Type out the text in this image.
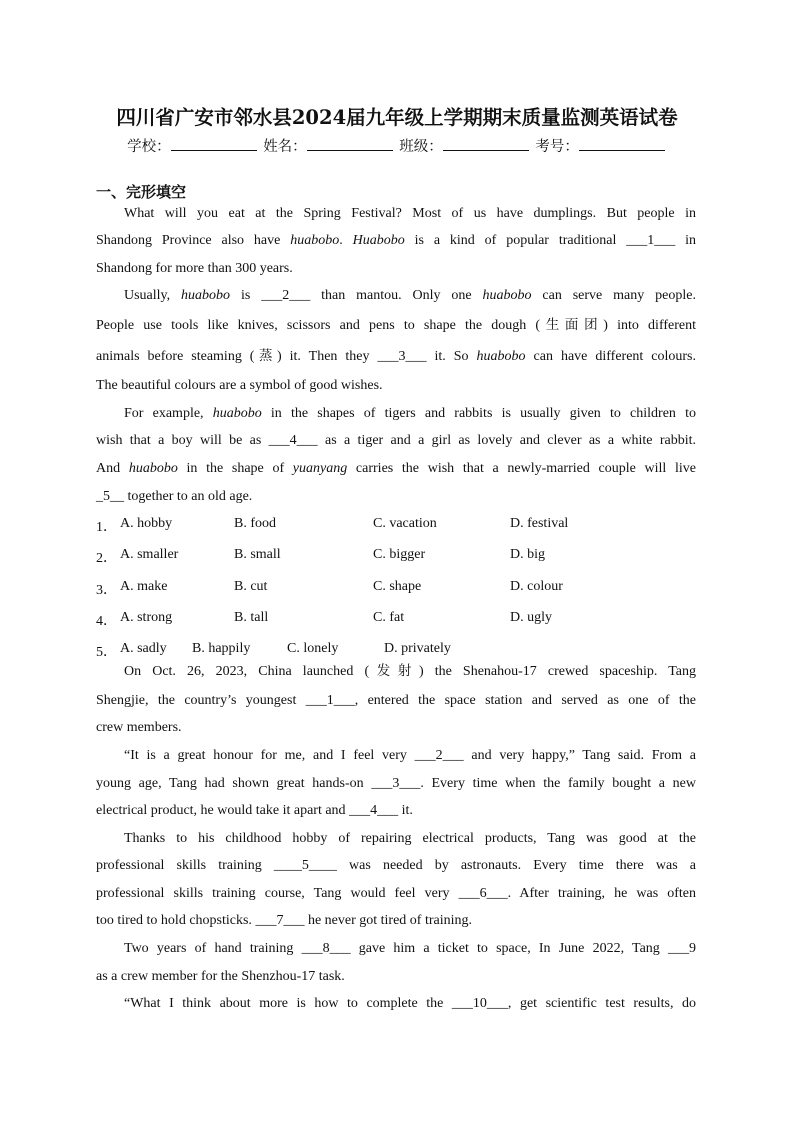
四川省广安市邻水县2024届九年级上学期期末质量监测英语试卷
学校：	姓名：	班级：	考号：
一、完形填空
What will you eat at the Spring Festival? Most of us have dumplings. But people in
Shandong Province also have huabobo. Huabobo is a kind of popular traditional ___1___ in
Shandong for more than 300 years.
Usually, huabobo is ___2___ than mantou. Only one huabobo can serve many people.
People use tools like knives, scissors and pens to shape the dough (生面团) into different
animals before steaming (蒸) it. Then they ___3___ it. So huabobo can have different colours.
The beautiful colours are a symbol of good wishes.
For example, huabobo in the shapes of tigers and rabbits is usually given to children to
wish that a boy will be as ___4___ as a tiger and a girl as lovely and clever as a white rabbit.
And huabobo in the shape of yuanyang carries the wish that a newly-married couple will live
_5__ together to an old age.
1． A. hobby	B. food	C. vacation	D. festival
2． A. smaller	B. small	C. bigger	D. big
3． A. make	B. cut	C. shape	D. colour
4． A. strong	B. tall	C. fat	D. ugly
5． A. sadly B. happily	C. lonely	D. privately
On Oct. 26, 2023, China launched (发射) the Shenahou-17 crewed spaceship. Tang
Shengjie, the country’s youngest ___1___, entered the space station and served as one of the
crew members.
“It is a great honour for me, and I feel very ___2___ and very happy,” Tang said. From a
young age, Tang had shown great hands-on ___3___. Every time when the family bought a new
electrical product, he would take it apart and ___4___ it.
Thanks to his childhood hobby of repairing electrical products, Tang was good at the
professional skills training ____5____ was needed by astronauts. Every time there was a
professional skills training course, Tang would feel very ___6___. After training, he was often
too tired to hold chopsticks. ___7___ he never got tired of training.
Two years of hand training ___8___ gave him a ticket to space, In June 2022, Tang ___9
as a crew member for the Shenzhou-17 task.
“What I think about more is how to complete the ___10___, get scientific test results, do
